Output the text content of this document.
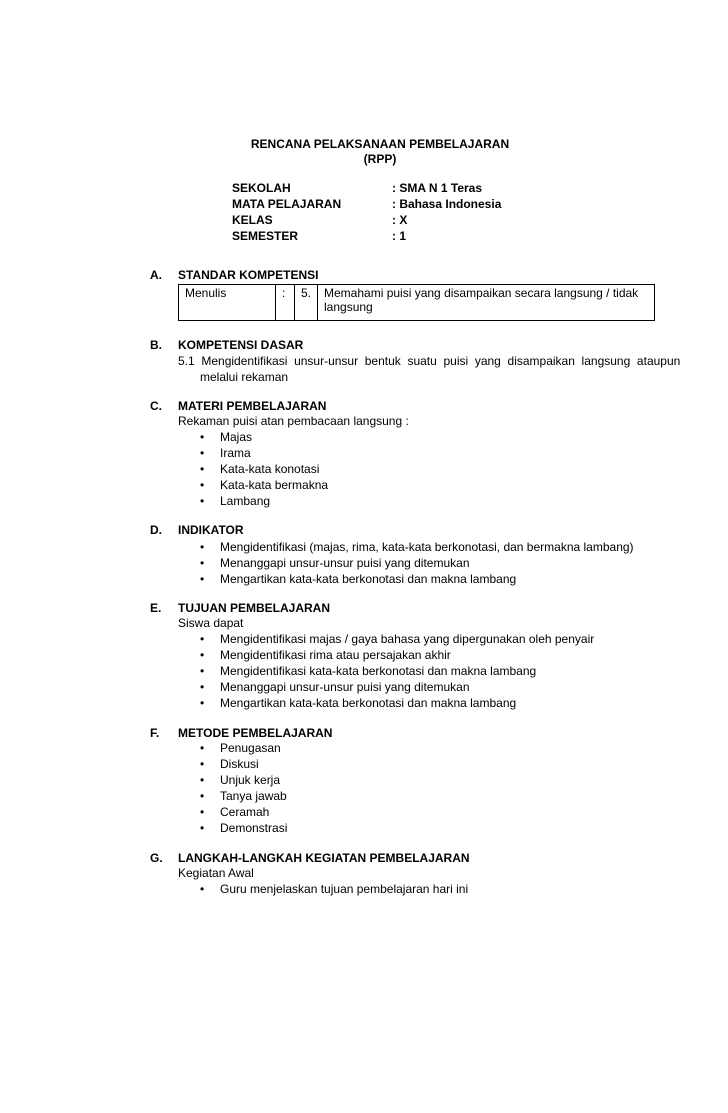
RENCANA PELAKSANAAN PEMBELAJARAN
(RPP)
SEKOLAH	: SMA N 1 Teras
MATA PELAJARAN	: Bahasa Indonesia
KELAS	: X
SEMESTER	: 1
A. STANDAR KOMPETENSI
Menulis	:	5.	Memahami puisi yang disampaikan secara langsung / tidak langsung
B. KOMPETENSI DASAR
5.1  Mengidentifikasi  unsur-unsur  bentuk  suatu  puisi  yang  disampaikan  langsung  ataupun
melalui rekaman
C. MATERI PEMBELAJARAN
Rekaman puisi atan pembacaan langsung :
• Majas
• Irama
• Kata-kata konotasi
• Kata-kata bermakna
• Lambang
D. INDIKATOR
• Mengidentifikasi (majas, rima, kata-kata berkonotasi, dan bermakna lambang)
• Menanggapi unsur-unsur puisi yang ditemukan
• Mengartikan kata-kata berkonotasi dan makna lambang
E. TUJUAN PEMBELAJARAN
Siswa dapat
• Mengidentifikasi majas / gaya bahasa yang dipergunakan oleh penyair
• Mengidentifikasi rima atau persajakan akhir
• Mengidentifikasi kata-kata berkonotasi dan makna lambang
• Menanggapi unsur-unsur puisi yang ditemukan
• Mengartikan kata-kata berkonotasi dan makna lambang
F. METODE PEMBELAJARAN
• Penugasan
• Diskusi
• Unjuk kerja
• Tanya jawab
• Ceramah
• Demonstrasi
G. LANGKAH-LANGKAH KEGIATAN PEMBELAJARAN
Kegiatan Awal
• Guru menjelaskan tujuan pembelajaran hari ini
